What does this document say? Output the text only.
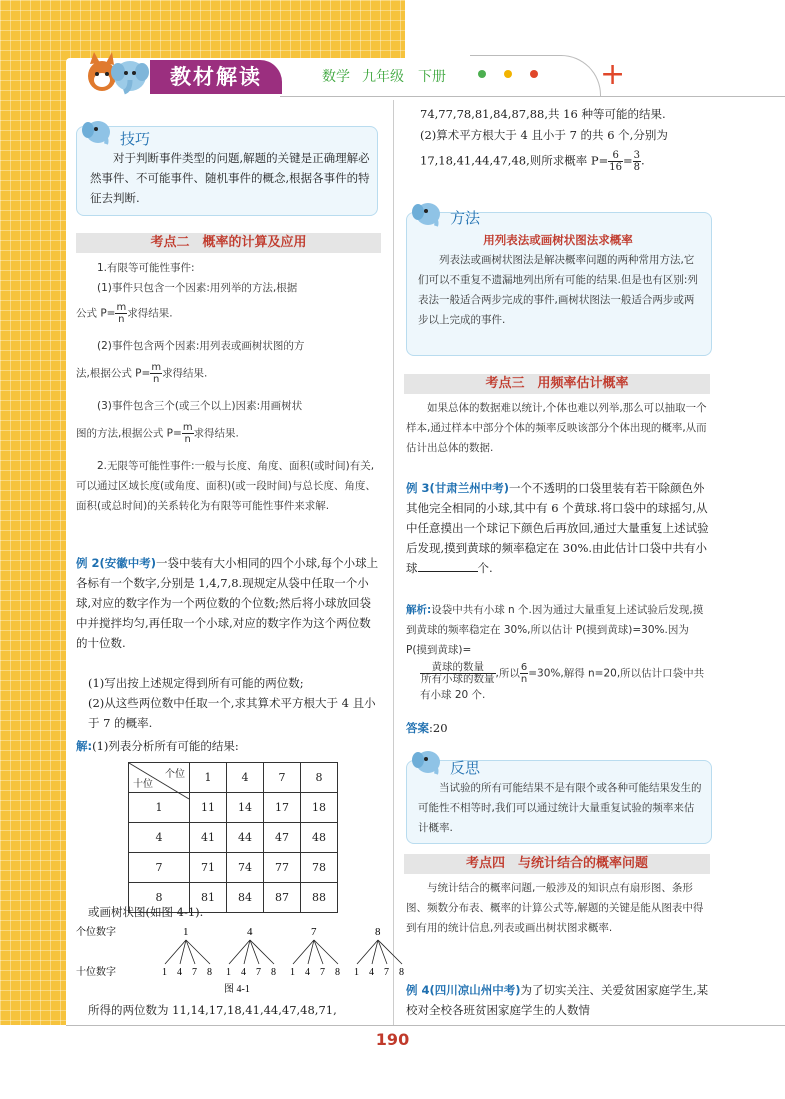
教材解读	数学 九年级 下册	+
技巧
对于判断事件类型的问题,解题的关键是正确理解必然事件、不可能事件、随机事件的概念,根据各事件的特征去判断.
考点二　概率的计算及应用
1.有限等可能性事件:
(1)事件只包含一个因素:用列举的方法,根据
公式 $P= \frac{m}{n}$ 求得结果.
(2)事件包含两个因素:用列表或画树状图的方
法,根据公式 $P= \frac{m}{n}$ 求得结果.
(3)事件包含三个(或三个以上)因素:用画树状
图的方法,根据公式 $P= \frac{m}{n}$ 求得结果.
2.无限等可能性事件:一般与长度、角度、面积(或时间)有关,可以通过区域长度(或角度、面积)(或一段时间)与总长度、角度、面积(或总时间)的关系转化为有限等可能性事件来求解.
例 2(安徽中考)一袋中装有大小相同的四个小球,每个小球上各标有一个数字,分别是 1,4,7,8.现规定从袋中任取一个小球,对应的数字作为一个两位数的个位数;然后将小球放回袋中并搅拌均匀,再任取一个小球,对应的数字作为这个两位数的十位数.
(1)写出按上述规定得到所有可能的两位数;
(2)从这些两位数中任取一个,求其算术平方根大于 4 且小于 7 的概率.
解:(1)列表分析所有可能的结果:
个位
十位	1	4	7	8
1	11	14	17	18
4	41	44	47	48
7	71	74	77	78
8	81	84	87	88
或画树状图(如图 4-1).
个位数字
十位数字
1
1 4 7 8
4
1 4 7 8
7
1 4 7 8
8
1 4 7 8
图 4-1
所得的两位数为 11,14,17,18,41,44,47,48,71,
74,77,78,81,84,87,88,共 16 种等可能的结果.
(2)算术平方根大于 4 且小于 7 的共 6 个,分别为
17,18,41,44,47,48,则所求概率 $P= \frac{6}{16} = \frac{3}{8}$ .
方法
用列表法或画树状图法求概率
列表法或画树状图法是解决概率问题的两种常用方法,它们可以不重复不遗漏地列出所有可能的结果.但是也有区别:列表法一般适合两步完成的事件,画树状图法一般适合两步或两步以上完成的事件.
考点三　用频率估计概率
如果总体的数据难以统计,个体也难以列举,那么可以抽取一个样本,通过样本中部分个体的频率反映该部分个体出现的概率,从而估计出总体的数据.
例 3(甘肃兰州中考)一个不透明的口袋里装有若干除颜色外其他完全相同的小球,其中有 6 个黄球.将口袋中的球摇匀,从中任意摸出一个球记下颜色后再放回,通过大量重复上述试验后发现,摸到黄球的频率稳定在 30%.由此估计口袋中共有小球	个.
解析:设袋中共有小球 n 个.因为通过大量重复上述试验后发现,摸到黄球的频率稳定在 30%,所以估计 P(摸到黄球)=30%.因为 P(摸到黄球)=
$\frac{\text{黄球的数量}}{\text{所有小球的数量}}$ ,所以 $\frac{6}{n} =30\%$,解得 n=20,所以估计口袋中共有小球 20 个.
答案:20
反思
当试验的所有可能结果不是有限个或各种可能结果发生的可能性不相等时,我们可以通过统计大量重复试验的频率来估计概率.
考点四　与统计结合的概率问题
与统计结合的概率问题,一般涉及的知识点有扇形图、条形图、频数分布表、概率的计算公式等,解题的关键是能从图表中得到有用的统计信息,列表或画出树状图求概率.
例 4(四川凉山州中考)为了切实关注、关爱贫困家庭学生,某校对全校各班贫困家庭学生的人数情
190
